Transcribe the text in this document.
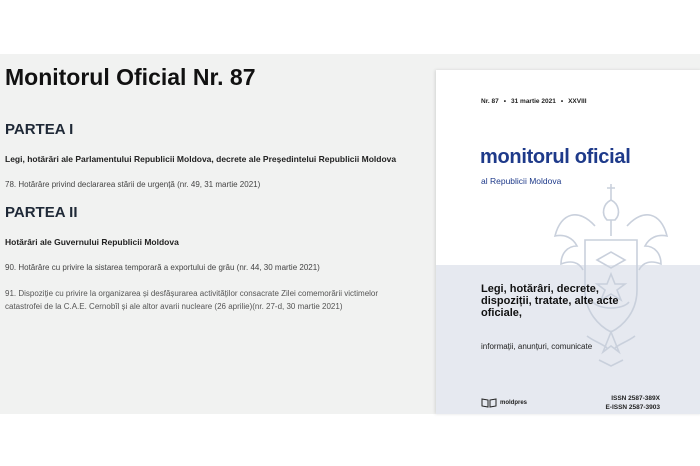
Monitorul Oficial Nr. 87
PARTEA I

Legi, hotărări ale Parlamentului Republicii Moldova, decrete ale Președintelui Republicii Moldova

78. Hotărâre privind declararea stării de urgență (nr. 49, 31 martie 2021)

PARTEA II

Hotărâri ale Guvernului Republicii Moldova

90. Hotărâre cu privire la sistarea temporară a exportului de grâu (nr. 44, 30 martie 2021)

91. Dispoziție cu privire la organizarea și desfășurarea activităților consacrate Zilei comemorării victimelor catastrofei de la C.A.E. Cernobîl și ale altor avarii nucleare (26 aprilie)(nr. 27-d, 30 martie 2021)

Nr. 87 • 31 martie 2021 • XXVIII
monitorul oficial
al Republicii Moldova
Legi, hotărâri, decrete, dispoziții, tratate, alte acte oficiale,
informații, anunțuri, comunicate
moldpres
ISSN 2587-389X
E-ISSN 2587-3903
